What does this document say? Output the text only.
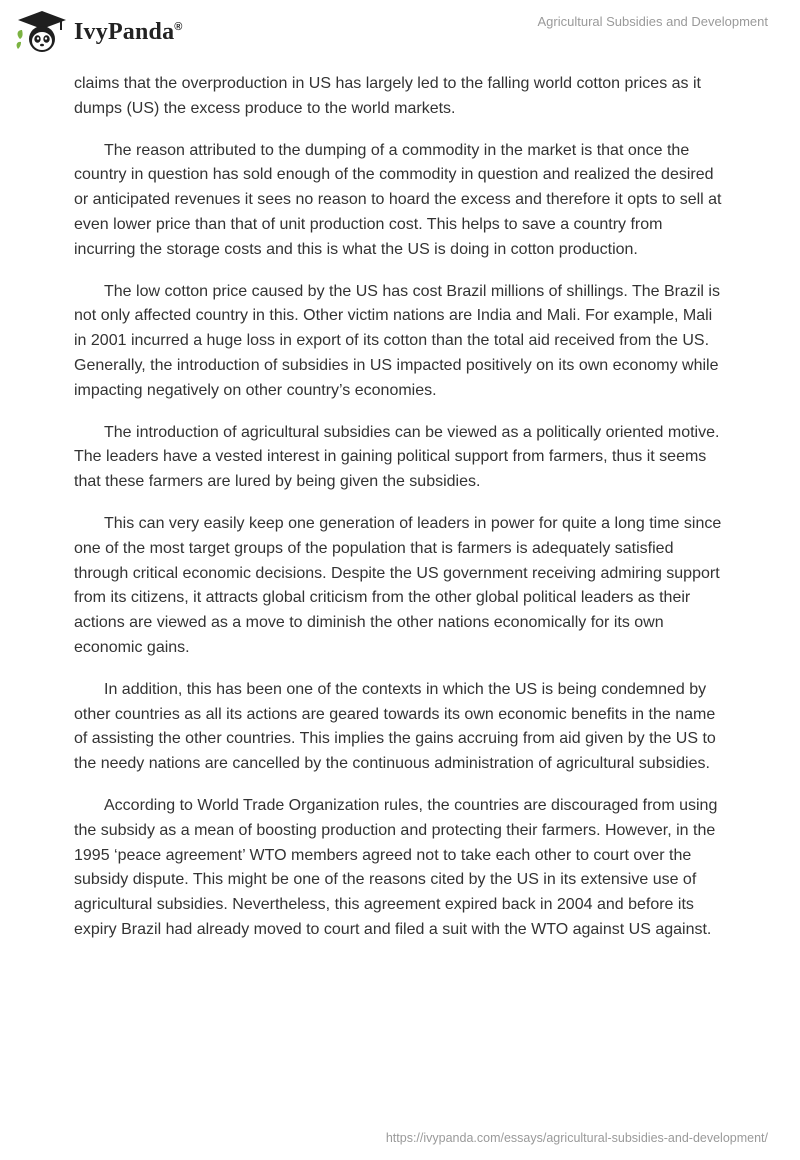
IvyPanda®	Agricultural Subsidies and Development

claims that the overproduction in US has largely led to the falling world cotton prices as it dumps (US) the excess produce to the world markets.

The reason attributed to the dumping of a commodity in the market is that once the country in question has sold enough of the commodity in question and realized the desired or anticipated revenues it sees no reason to hoard the excess and therefore it opts to sell at even lower price than that of unit production cost. This helps to save a country from incurring the storage costs and this is what the US is doing in cotton production.

The low cotton price caused by the US has cost Brazil millions of shillings. The Brazil is not only affected country in this. Other victim nations are India and Mali. For example, Mali in 2001 incurred a huge loss in export of its cotton than the total aid received from the US. Generally, the introduction of subsidies in US impacted positively on its own economy while impacting negatively on other country’s economies.

The introduction of agricultural subsidies can be viewed as a politically oriented motive. The leaders have a vested interest in gaining political support from farmers, thus it seems that these farmers are lured by being given the subsidies.

This can very easily keep one generation of leaders in power for quite a long time since one of the most target groups of the population that is farmers is adequately satisfied through critical economic decisions. Despite the US government receiving admiring support from its citizens, it attracts global criticism from the other global political leaders as their actions are viewed as a move to diminish the other nations economically for its own economic gains.

In addition, this has been one of the contexts in which the US is being condemned by other countries as all its actions are geared towards its own economic benefits in the name of assisting the other countries. This implies the gains accruing from aid given by the US to the needy nations are cancelled by the continuous administration of agricultural subsidies.

According to World Trade Organization rules, the countries are discouraged from using the subsidy as a mean of boosting production and protecting their farmers. However, in the 1995 ‘peace agreement’ WTO members agreed not to take each other to court over the subsidy dispute. This might be one of the reasons cited by the US in its extensive use of agricultural subsidies. Nevertheless, this agreement expired back in 2004 and before its expiry Brazil had already moved to court and filed a suit with the WTO against US against.

https://ivypanda.com/essays/agricultural-subsidies-and-development/
